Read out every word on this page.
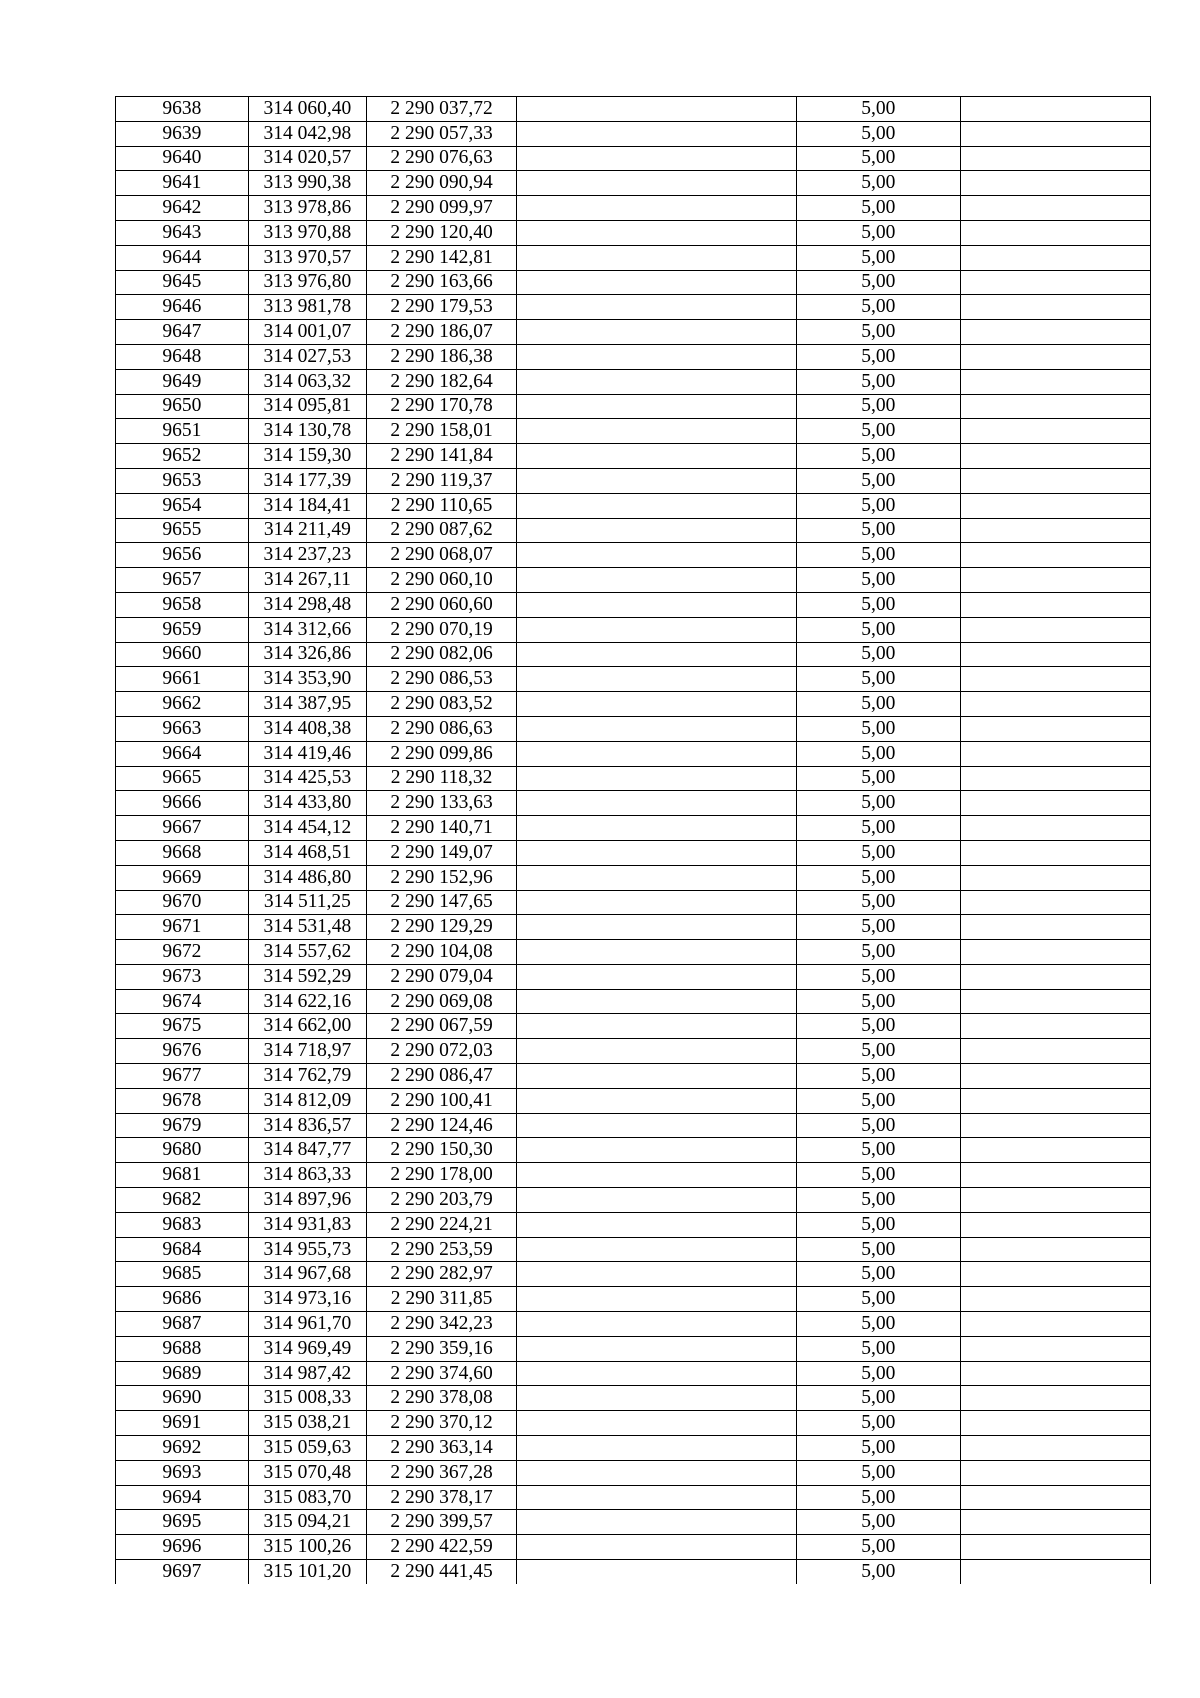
9638	314 060,40	2 290 037,72		5,00	
9639	314 042,98	2 290 057,33		5,00	
9640	314 020,57	2 290 076,63		5,00	
9641	313 990,38	2 290 090,94		5,00	
9642	313 978,86	2 290 099,97		5,00	
9643	313 970,88	2 290 120,40		5,00	
9644	313 970,57	2 290 142,81		5,00	
9645	313 976,80	2 290 163,66		5,00	
9646	313 981,78	2 290 179,53		5,00	
9647	314 001,07	2 290 186,07		5,00	
9648	314 027,53	2 290 186,38		5,00	
9649	314 063,32	2 290 182,64		5,00	
9650	314 095,81	2 290 170,78		5,00	
9651	314 130,78	2 290 158,01		5,00	
9652	314 159,30	2 290 141,84		5,00	
9653	314 177,39	2 290 119,37		5,00	
9654	314 184,41	2 290 110,65		5,00	
9655	314 211,49	2 290 087,62		5,00	
9656	314 237,23	2 290 068,07		5,00	
9657	314 267,11	2 290 060,10		5,00	
9658	314 298,48	2 290 060,60		5,00	
9659	314 312,66	2 290 070,19		5,00	
9660	314 326,86	2 290 082,06		5,00	
9661	314 353,90	2 290 086,53		5,00	
9662	314 387,95	2 290 083,52		5,00	
9663	314 408,38	2 290 086,63		5,00	
9664	314 419,46	2 290 099,86		5,00	
9665	314 425,53	2 290 118,32		5,00	
9666	314 433,80	2 290 133,63		5,00	
9667	314 454,12	2 290 140,71		5,00	
9668	314 468,51	2 290 149,07		5,00	
9669	314 486,80	2 290 152,96		5,00	
9670	314 511,25	2 290 147,65		5,00	
9671	314 531,48	2 290 129,29		5,00	
9672	314 557,62	2 290 104,08		5,00	
9673	314 592,29	2 290 079,04		5,00	
9674	314 622,16	2 290 069,08		5,00	
9675	314 662,00	2 290 067,59		5,00	
9676	314 718,97	2 290 072,03		5,00	
9677	314 762,79	2 290 086,47		5,00	
9678	314 812,09	2 290 100,41		5,00	
9679	314 836,57	2 290 124,46		5,00	
9680	314 847,77	2 290 150,30		5,00	
9681	314 863,33	2 290 178,00		5,00	
9682	314 897,96	2 290 203,79		5,00	
9683	314 931,83	2 290 224,21		5,00	
9684	314 955,73	2 290 253,59		5,00	
9685	314 967,68	2 290 282,97		5,00	
9686	314 973,16	2 290 311,85		5,00	
9687	314 961,70	2 290 342,23		5,00	
9688	314 969,49	2 290 359,16		5,00	
9689	314 987,42	2 290 374,60		5,00	
9690	315 008,33	2 290 378,08		5,00	
9691	315 038,21	2 290 370,12		5,00	
9692	315 059,63	2 290 363,14		5,00	
9693	315 070,48	2 290 367,28		5,00	
9694	315 083,70	2 290 378,17		5,00	
9695	315 094,21	2 290 399,57		5,00	
9696	315 100,26	2 290 422,59		5,00	
9697	315 101,20	2 290 441,45		5,00	
